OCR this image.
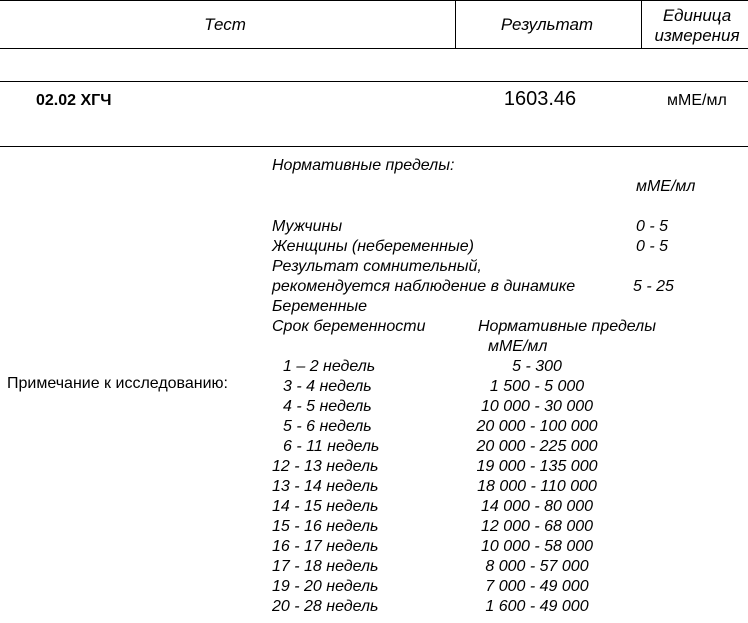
Тест	Результат	Единица
измерения
02.02 ХГЧ	1603.46	мМЕ/мл
Примечание к исследованию:
Нормативные пределы:
мМЕ/мл
Мужчины	0 - 5
Женщины (небеременные)	0 - 5
Результат сомнительный,
рекомендуется наблюдение в динамике	5 - 25
Беременные
Срок беременности	Нормативные пределы
мМЕ/мл
1 – 2 недель	5 - 300
3 - 4 недель	1 500 - 5 000
4 - 5 недель	10 000 - 30 000
5 - 6 недель	20 000 - 100 000
6 - 11 недель	20 000 - 225 000
12 - 13 недель	19 000 - 135 000
13 - 14 недель	18 000 - 110 000
14 - 15 недель	14 000 - 80 000
15 - 16 недель	12 000 - 68 000
16 - 17 недель	10 000 - 58 000
17 - 18 недель	8 000 - 57 000
19 - 20 недель	7 000 - 49 000
20 - 28 недель	1 600 - 49 000
